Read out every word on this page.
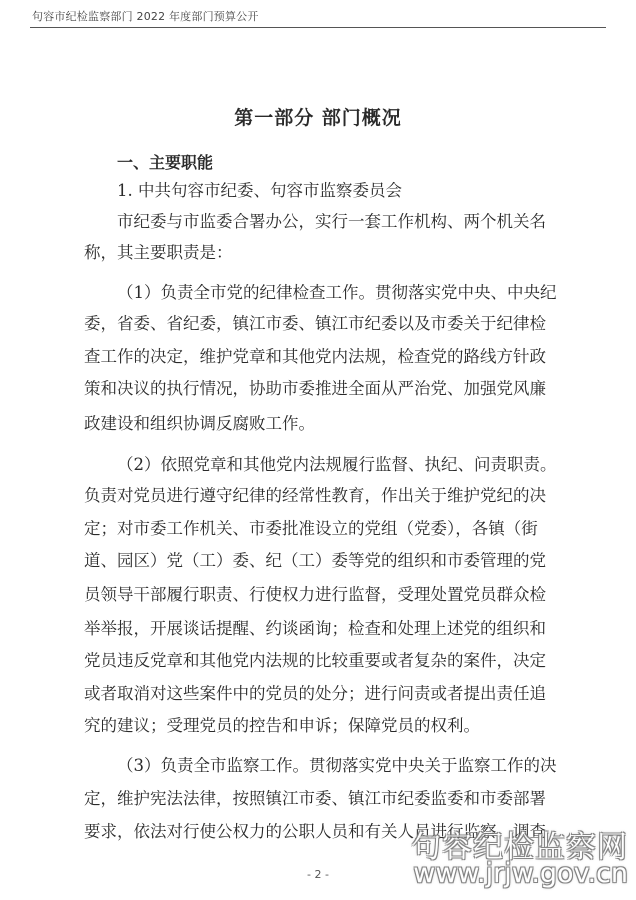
句容市纪检监察部门 2022 年度部门预算公开
第一部分 部门概况
一、主要职能
1. 中共句容市纪委、句容市监察委员会
市纪委与市监委合署办公，实行一套工作机构、两个机关名
称，其主要职责是：
（1）负责全市党的纪律检查工作。贯彻落实党中央、中央纪
委，省委、省纪委，镇江市委、镇江市纪委以及市委关于纪律检
查工作的决定，维护党章和其他党内法规，检查党的路线方针政
策和决议的执行情况，协助市委推进全面从严治党、加强党风廉
政建设和组织协调反腐败工作。
（2）依照党章和其他党内法规履行监督、执纪、问责职责。
负责对党员进行遵守纪律的经常性教育，作出关于维护党纪的决
定；对市委工作机关、市委批准设立的党组（党委），各镇（街
道、园区）党（工）委、纪（工）委等党的组织和市委管理的党
员领导干部履行职责、行使权力进行监督，受理处置党员群众检
举举报，开展谈话提醒、约谈函询；检查和处理上述党的组织和
党员违反党章和其他党内法规的比较重要或者复杂的案件，决定
或者取消对这些案件中的党员的处分；进行问责或者提出责任追
究的建议；受理党员的控告和申诉；保障党员的权利。
（3）负责全市监察工作。贯彻落实党中央关于监察工作的决
定，维护宪法法律，按照镇江市委、镇江市纪委监委和市委部署
要求，依法对行使公权力的公职人员和有关人员进行监察，调查
- 2 -
句容纪检监察网
www.jrjw.gov.cn
